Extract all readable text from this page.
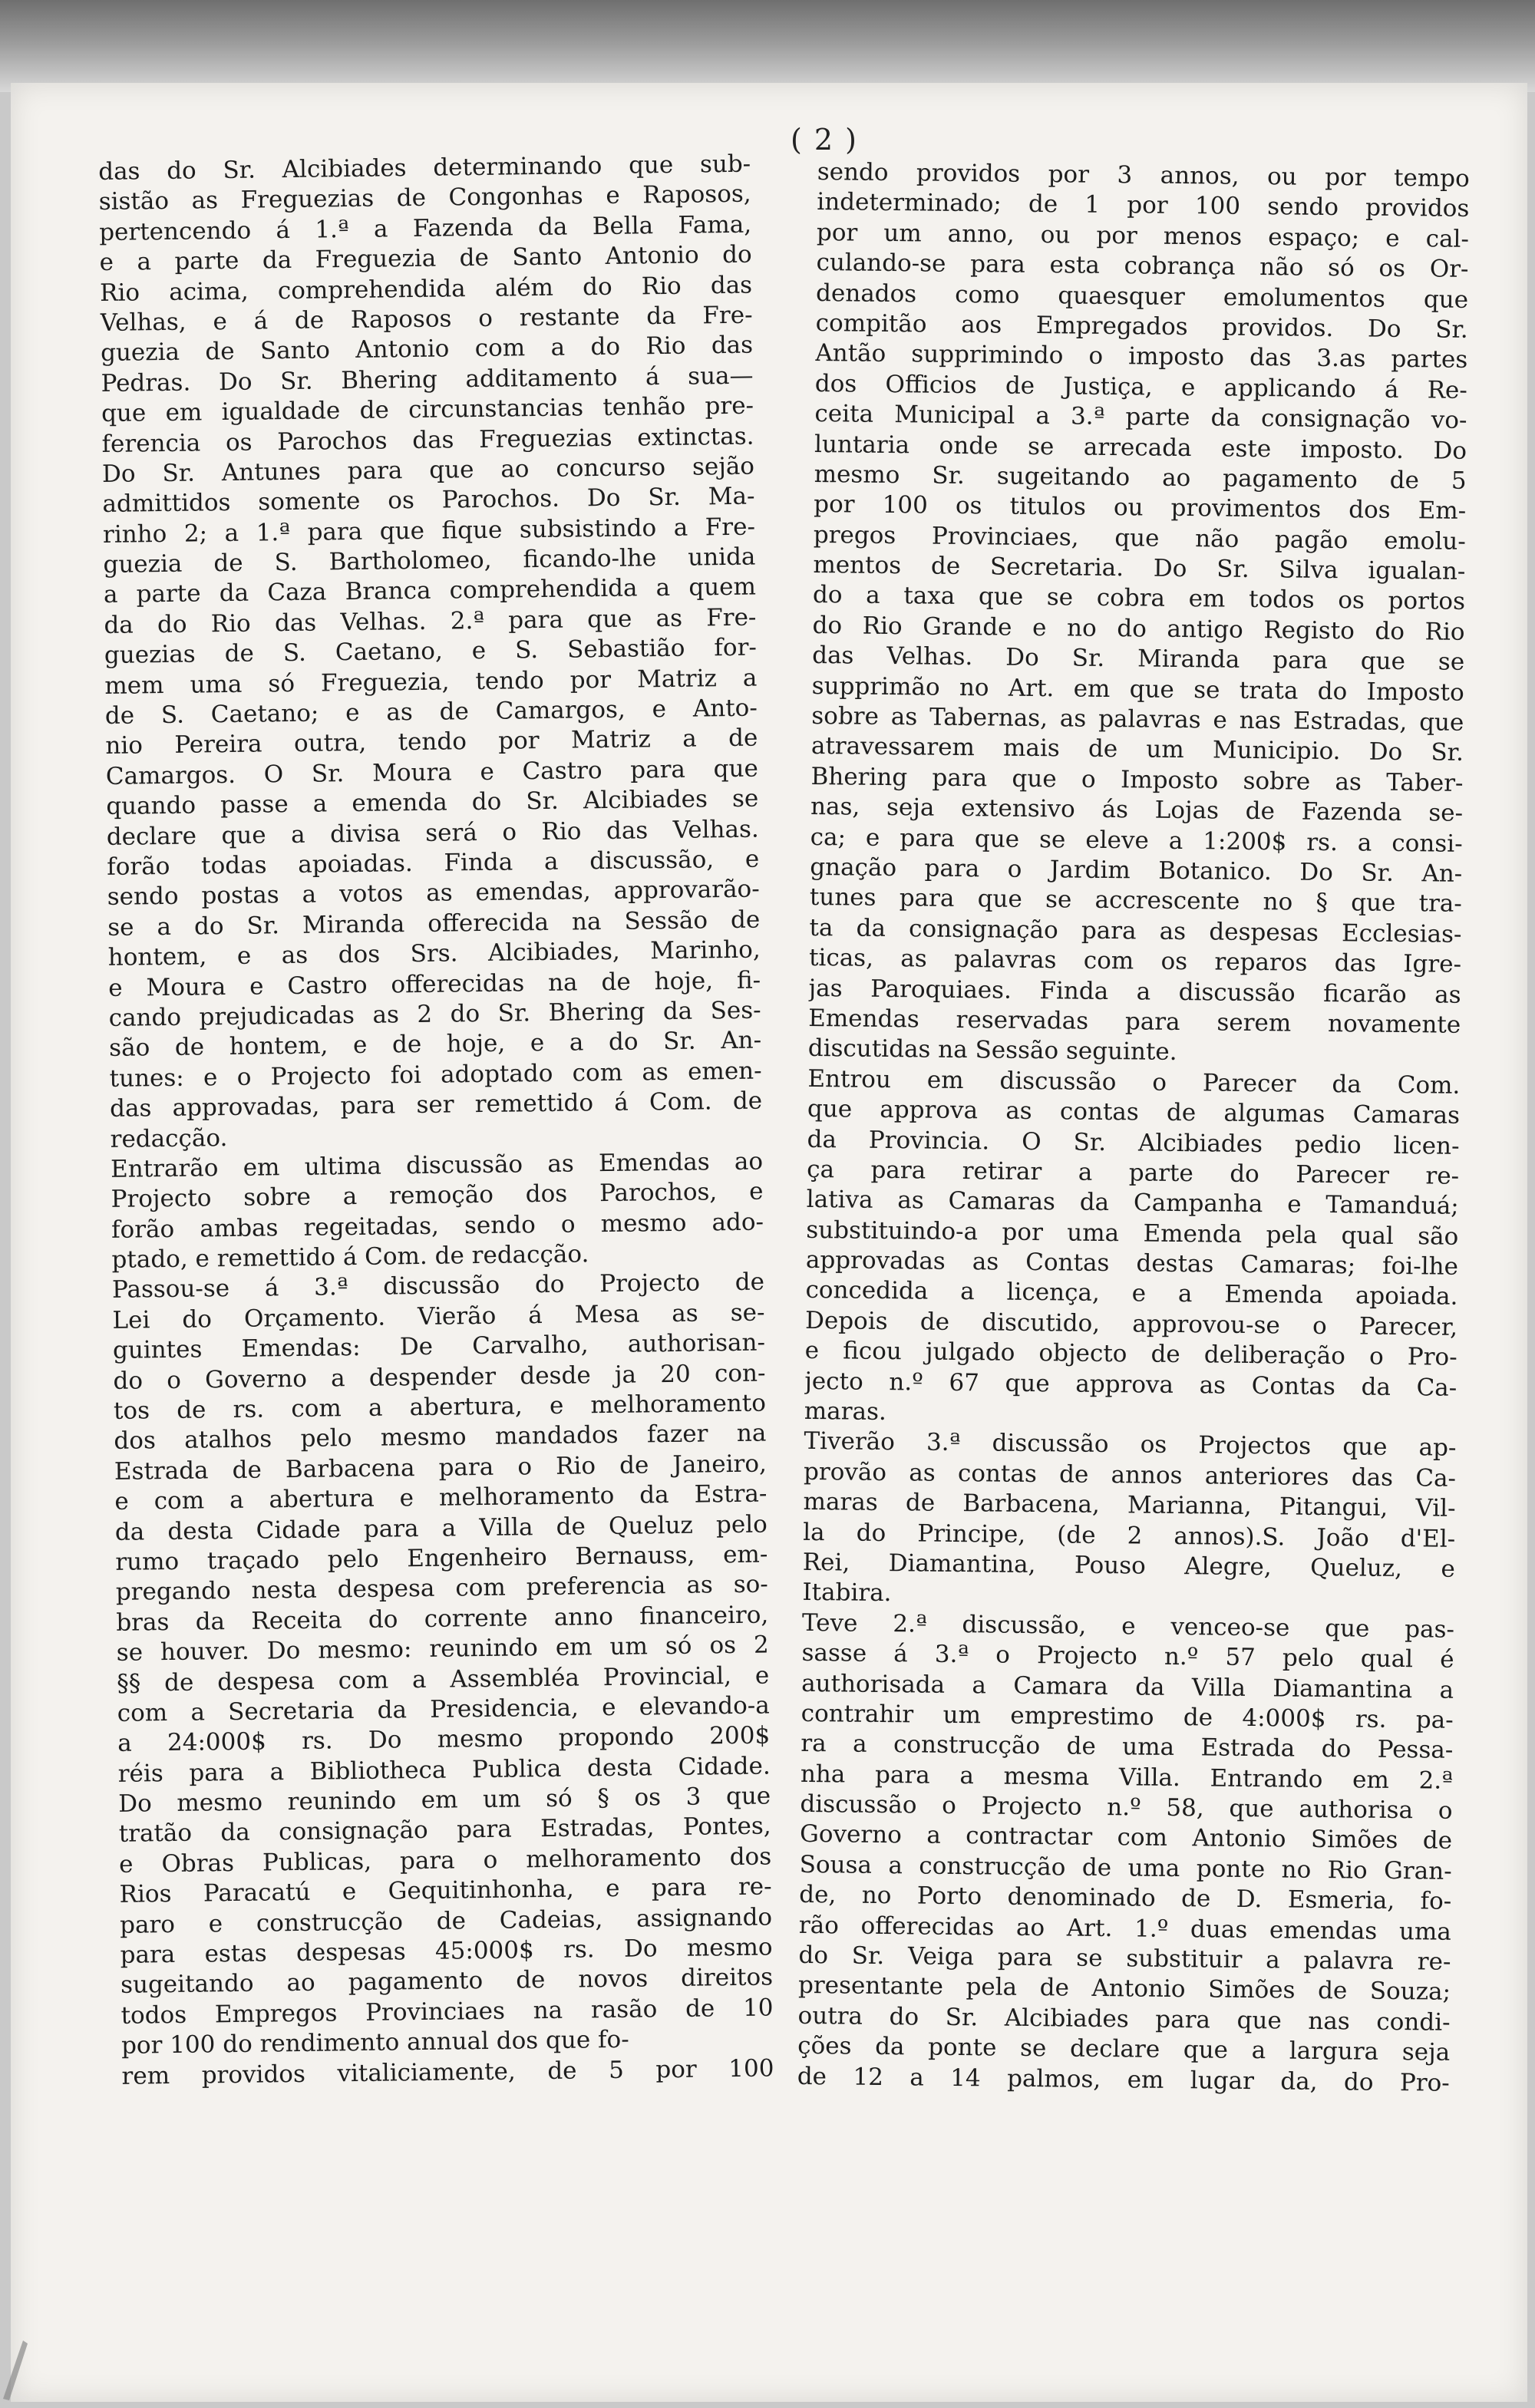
( 2 )
das do Sr. Alcibiades determinando que sub-
sistão as Freguezias de Congonhas e Raposos,
pertencendo á 1.ª a Fazenda da Bella Fama,
e a parte da Freguezia de Santo Antonio do
Rio acima, comprehendida além do Rio das
Velhas, e á de Raposos o restante da Fre-
guezia de Santo Antonio com a do Rio das
Pedras. Do Sr. Bhering additamento á sua—
que em igualdade de circunstancias tenhão pre-
ferencia os Parochos das Freguezias extinctas.
Do Sr. Antunes para que ao concurso sejão
admittidos somente os Parochos. Do Sr. Ma-
rinho 2; a 1.ª para que fique subsistindo a Fre-
guezia de S. Bartholomeo, ficando-lhe unida
a parte da Caza Branca comprehendida a quem
da do Rio das Velhas. 2.ª para que as Fre-
guezias de S. Caetano, e S. Sebastião for-
mem uma só Freguezia, tendo por Matriz a
de S. Caetano; e as de Camargos, e Anto-
nio Pereira outra, tendo por Matriz a de
Camargos. O Sr. Moura e Castro para que
quando passe a emenda do Sr. Alcibiades se
declare que a divisa será o Rio das Velhas.
forão todas apoiadas. Finda a discussão, e
sendo postas a votos as emendas, approvarão-
se a do Sr. Miranda offerecida na Sessão de
hontem, e as dos Srs. Alcibiades, Marinho,
e Moura e Castro offerecidas na de hoje, fi-
cando prejudicadas as 2 do Sr. Bhering da Ses-
são de hontem, e de hoje, e a do Sr. An-
tunes: e o Projecto foi adoptado com as emen-
das approvadas, para ser remettido á Com. de
redacção.
Entrarão em ultima discussão as Emendas ao
Projecto sobre a remoção dos Parochos, e
forão ambas regeitadas, sendo o mesmo ado-
ptado, e remettido á Com. de redacção.
Passou-se á 3.ª discussão do Projecto de
Lei do Orçamento. Vierão á Mesa as se-
guintes Emendas: De Carvalho, authorisan-
do o Governo a despender desde ja 20 con-
tos de rs. com a abertura, e melhoramento
dos atalhos pelo mesmo mandados fazer na
Estrada de Barbacena para o Rio de Janeiro,
e com a abertura e melhoramento da Estra-
da desta Cidade para a Villa de Queluz pelo
rumo traçado pelo Engenheiro Bernauss, em-
pregando nesta despesa com preferencia as so-
bras da Receita do corrente anno financeiro,
se houver. Do mesmo: reunindo em um só os 2
§§ de despesa com a Assembléa Provincial, e
com a Secretaria da Presidencia, e elevando-a
a 24:000$ rs. Do mesmo propondo 200$
réis para a Bibliotheca Publica desta Cidade.
Do mesmo reunindo em um só § os 3 que
tratão da consignação para Estradas, Pontes,
e Obras Publicas, para o melhoramento dos
Rios Paracatú e Gequitinhonha, e para re-
paro e construcção de Cadeias, assignando
para estas despesas 45:000$ rs. Do mesmo
sugeitando ao pagamento de novos direitos
todos Empregos Provinciaes na rasão de 10
por 100 do rendimento annual dos que fo-
rem providos vitaliciamente, de 5 por 100
sendo providos por 3 annos, ou por tempo
indeterminado; de 1 por 100 sendo providos
por um anno, ou por menos espaço; e cal-
culando-se para esta cobrança não só os Or-
denados como quaesquer emolumentos que
compitão aos Empregados providos. Do Sr.
Antão supprimindo o imposto das 3.as partes
dos Officios de Justiça, e applicando á Re-
ceita Municipal a 3.ª parte da consignação vo-
luntaria onde se arrecada este imposto. Do
mesmo Sr. sugeitando ao pagamento de 5
por 100 os titulos ou provimentos dos Em-
pregos Provinciaes, que não pagão emolu-
mentos de Secretaria. Do Sr. Silva igualan-
do a taxa que se cobra em todos os portos
do Rio Grande e no do antigo Registo do Rio
das Velhas. Do Sr. Miranda para que se
supprimão no Art. em que se trata do Imposto
sobre as Tabernas, as palavras e nas Estradas, que
atravessarem mais de um Municipio. Do Sr.
Bhering para que o Imposto sobre as Taber-
nas, seja extensivo ás Lojas de Fazenda se-
ca; e para que se eleve a 1:200$ rs. a consi-
gnação para o Jardim Botanico. Do Sr. An-
tunes para que se accrescente no § que tra-
ta da consignação para as despesas Ecclesias-
ticas, as palavras com os reparos das Igre-
jas Paroquiaes. Finda a discussão ficarão as
Emendas reservadas para serem novamente
discutidas na Sessão seguinte.
Entrou em discussão o Parecer da Com.
que approva as contas de algumas Camaras
da Provincia. O Sr. Alcibiades pedio licen-
ça para retirar a parte do Parecer re-
lativa as Camaras da Campanha e Tamanduá;
substituindo-a por uma Emenda pela qual são
approvadas as Contas destas Camaras; foi-lhe
concedida a licença, e a Emenda apoiada.
Depois de discutido, approvou-se o Parecer,
e ficou julgado objecto de deliberação o Pro-
jecto n.º 67 que approva as Contas da Ca-
maras.
Tiverão 3.ª discussão os Projectos que ap-
provão as contas de annos anteriores das Ca-
maras de Barbacena, Marianna, Pitangui, Vil-
la do Principe, (de 2 annos).S. João d'El-
Rei, Diamantina, Pouso Alegre, Queluz, e
Itabira.
Teve 2.ª discussão, e venceo-se que pas-
sasse á 3.ª o Projecto n.º 57 pelo qual é
authorisada a Camara da Villa Diamantina a
contrahir um emprestimo de 4:000$ rs. pa-
ra a construcção de uma Estrada do Pessa-
nha para a mesma Villa. Entrando em 2.ª
discussão o Projecto n.º 58, que authorisa o
Governo a contractar com Antonio Simões de
Sousa a construcção de uma ponte no Rio Gran-
de, no Porto denominado de D. Esmeria, fo-
rão offerecidas ao Art. 1.º duas emendas uma
do Sr. Veiga para se substituir a palavra re-
presentante pela de Antonio Simões de Souza;
outra do Sr. Alcibiades para que nas condi-
ções da ponte se declare que a largura seja
de 12 a 14 palmos, em lugar da, do Pro-
